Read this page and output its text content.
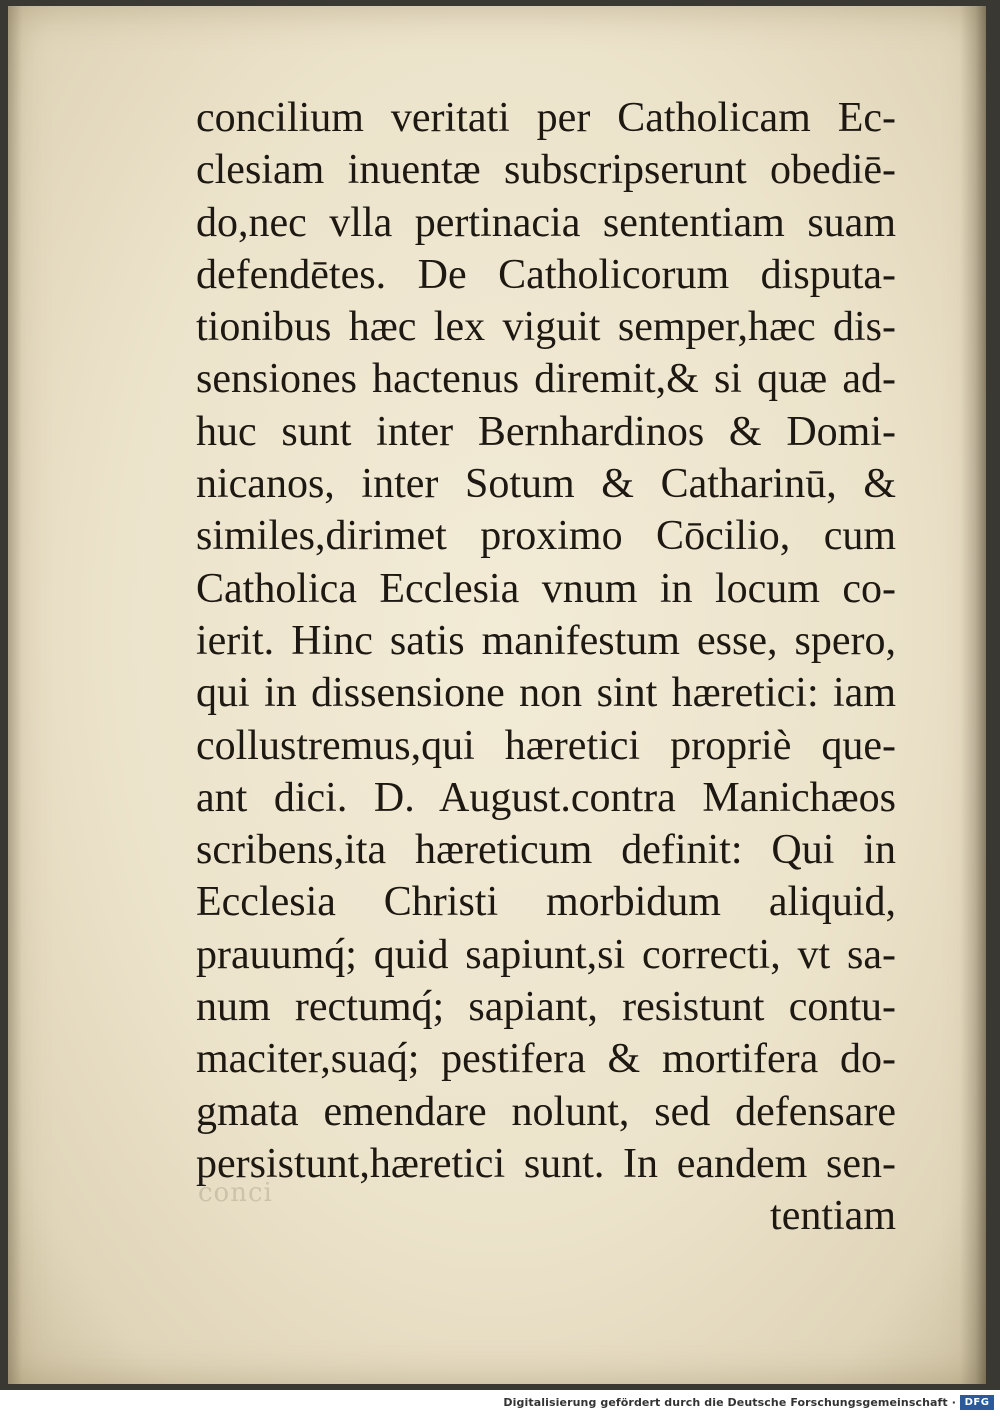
conci
concilium veritati per Catholicam Ec-
clesiam inuentæ subscripserunt obediē-
do,nec vlla pertinacia sententiam suam
defendētes. De Catholicorum disputa-
tionibus hæc lex viguit semper,hæc dis-
sensiones hactenus diremit,& si quæ ad-
huc sunt inter Bernhardinos & Domi-
nicanos, inter Sotum & Catharinū, &
similes,dirimet proximo Cōcilio, cum
Catholica Ecclesia vnum in locum co-
ierit. Hinc satis manifestum esse, spero,
qui in dissensione non sint hæretici: iam
collustremus,qui hæretici propriè que-
ant dici. D. August.contra Manichæos
scribens,ita hæreticum definit: Qui in
Ecclesia Christi morbidum aliquid,
prauumq́; quid sapiunt,si correcti, vt sa-
num rectumq́; sapiant, resistunt contu-
maciter,suaq́; pestifera & mortifera do-
gmata emendare nolunt, sed defensare
persistunt,hæretici sunt. In eandem sen-
tentiam
Digitalisierung gefördert durch die Deutsche Forschungsgemeinschaft · DFG
